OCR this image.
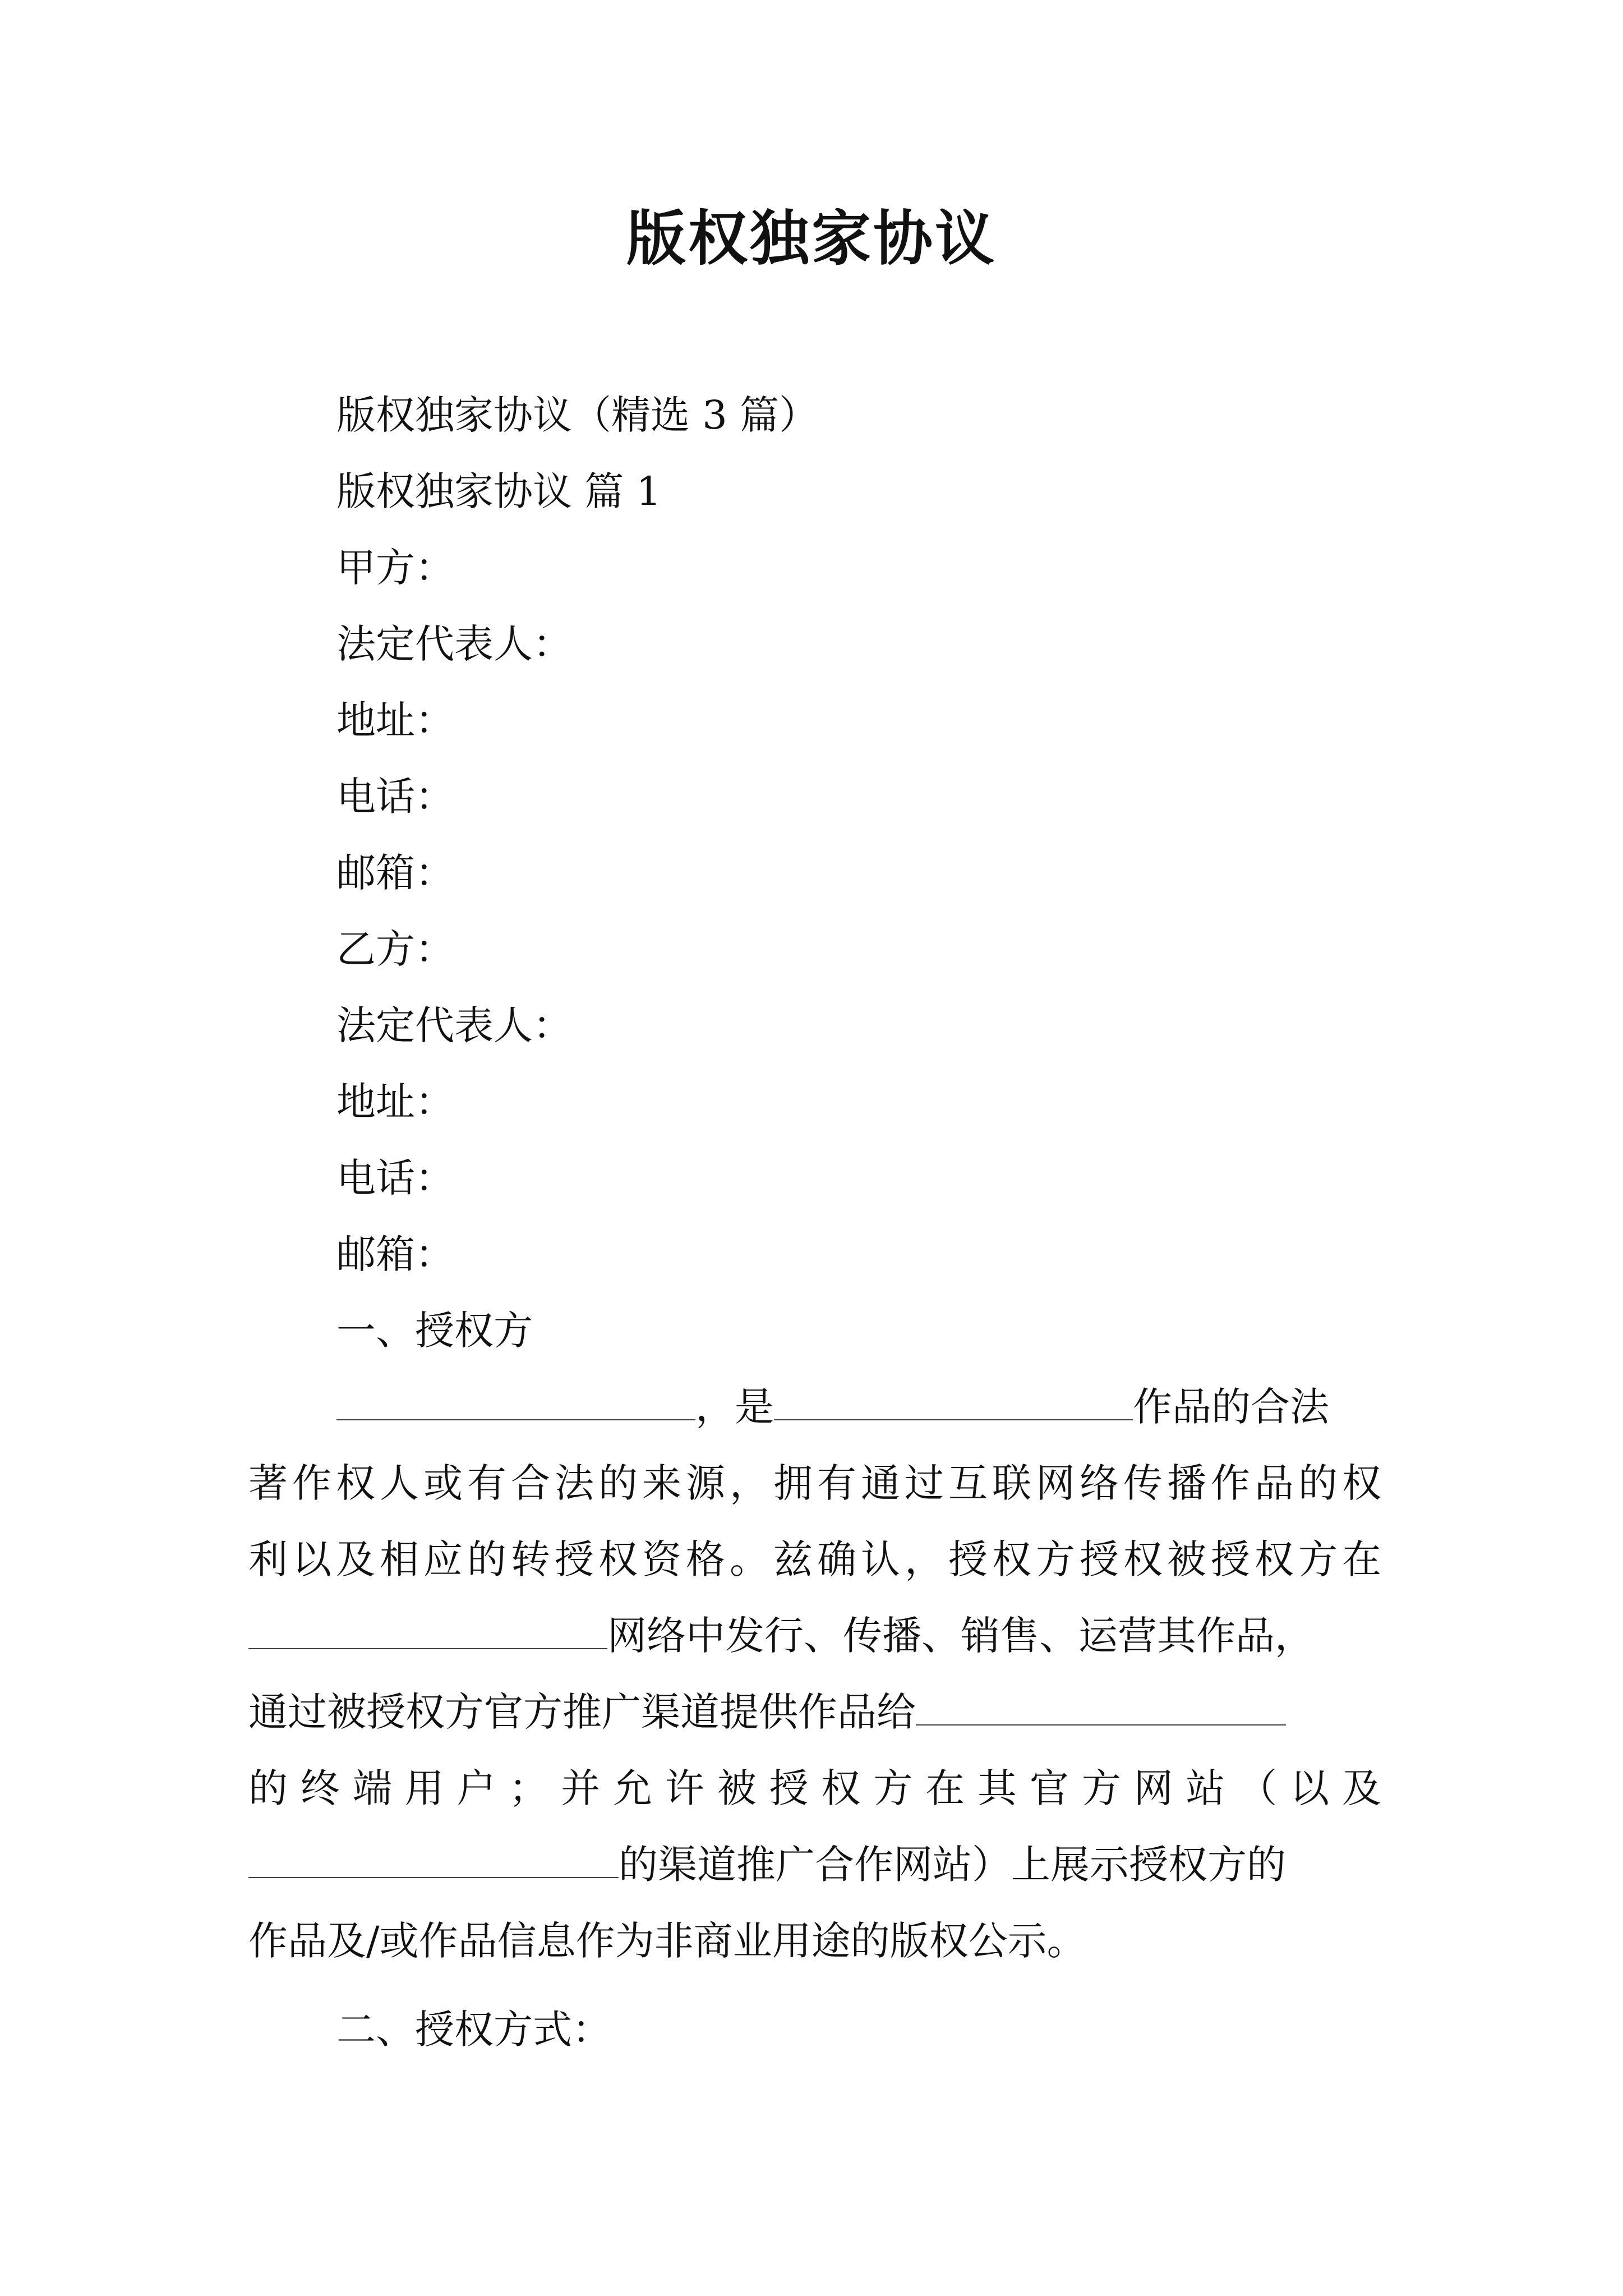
版权独家协议
版权独家协议（精选 3 篇）
版权独家协议 篇 1
甲方：
法定代表人：
地址：
电话：
邮箱：
乙方：
法定代表人：
地址：
电话：
邮箱：
一、授权方
，是	作品的合法
著作权人或有合法的来源，拥有通过互联网络传播作品的权
利以及相应的转授权资格。兹确认，授权方授权被授权方在
网络中发行、传播、销售、运营其作品，
通过被授权方官方推广渠道提供作品给
的终端用户；并允许被授权方在其官方网站（以及
的渠道推广合作网站）上展示授权方的
作品及/或作品信息作为非商业用途的版权公示。
二、授权方式：
